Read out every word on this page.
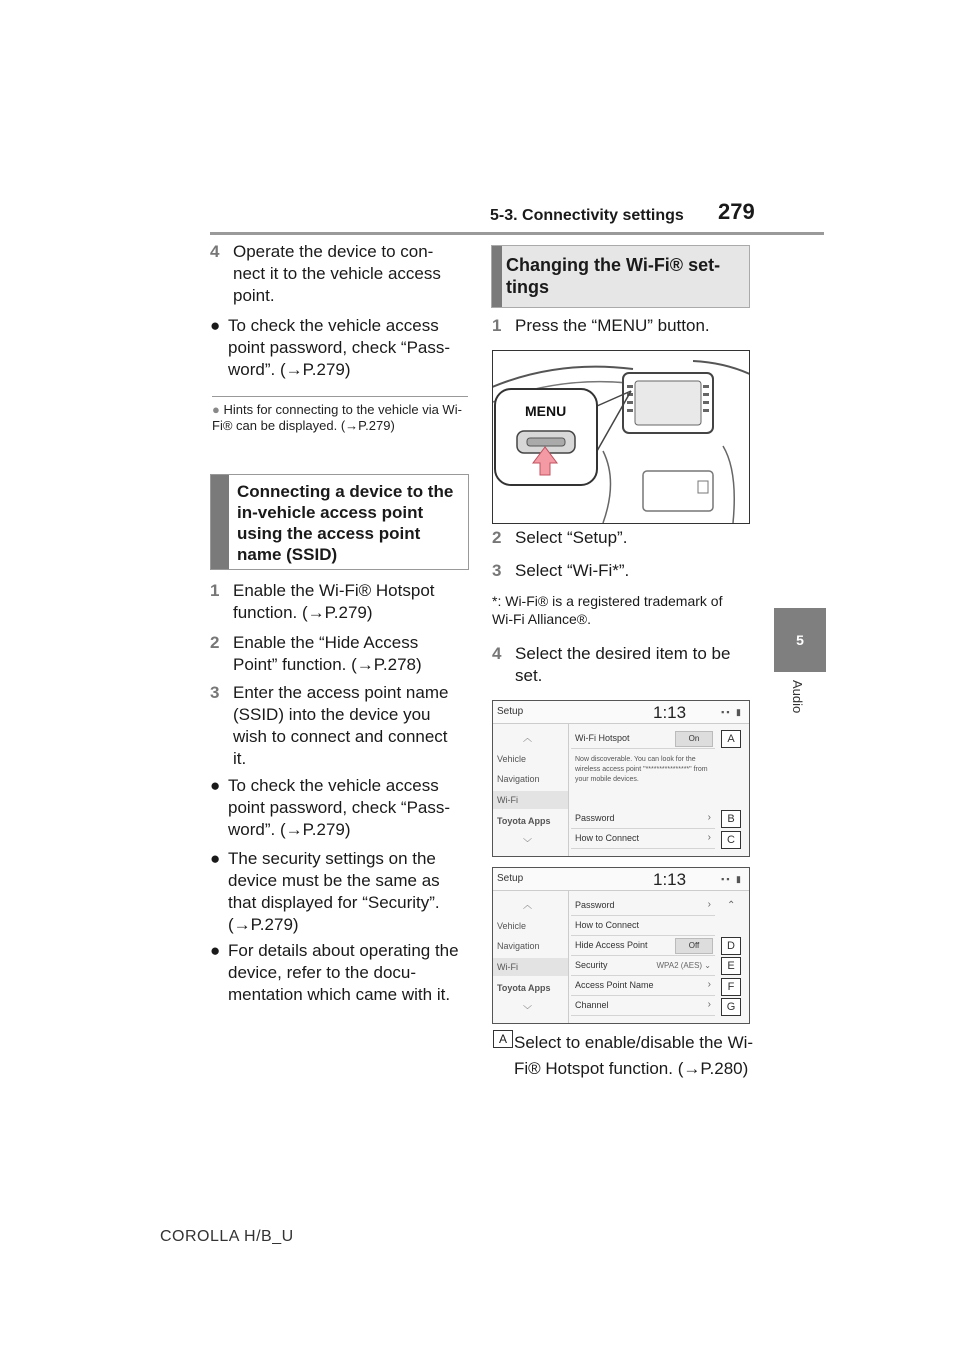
5-3. Connectivity settings 279
5
Audio
4 Operate the device to con-nect it to the vehicle access point.
● To check the vehicle access point password, check “Pass-word”. (→P.279)
● Hints for connecting to the vehicle via Wi-Fi® can be displayed. (→P.279)
Connecting a device to the in-vehicle access point using the access point name (SSID)
1 Enable the Wi-Fi® Hotspot function. (→P.279)
2 Enable the “Hide Access Point” function. (→P.278)
3 Enter the access point name (SSID) into the device you wish to connect and connect it.
● To check the vehicle access point password, check “Pass-word”. (→P.279)
● The security settings on the device must be the same as that displayed for “Security”. (→P.279)
● For details about operating the device, refer to the docu-mentation which came with it.
Changing the Wi-Fi® set-tings
1 Press the “MENU” button.
MENU
2 Select “Setup”.
3 Select “Wi-Fi*”.
*: Wi-Fi® is a registered trademark of Wi-Fi Alliance®.
4 Select the desired item to be set.
Setup	1:13	▪▪ ▮
︿
Vehicle
Navigation
Wi-Fi
Toyota Apps
﹀
Wi-Fi Hotspot	On
Now discoverable. You can look for the wireless access point "****************" from your mobile devices.
Password	›
How to Connect	›
A
B
C
Setup	1:13	▪▪ ▮
︿
Vehicle
Navigation
Wi-Fi
Toyota Apps
﹀
Password	›
How to Connect
Hide Access Point	Off
Security	WPA2 (AES) ⌄
Access Point Name	›
Channel	›
⌃
D
E
F
G
A Select to enable/disable the Wi-Fi® Hotspot function. (→P.280)
COROLLA H/B_U
